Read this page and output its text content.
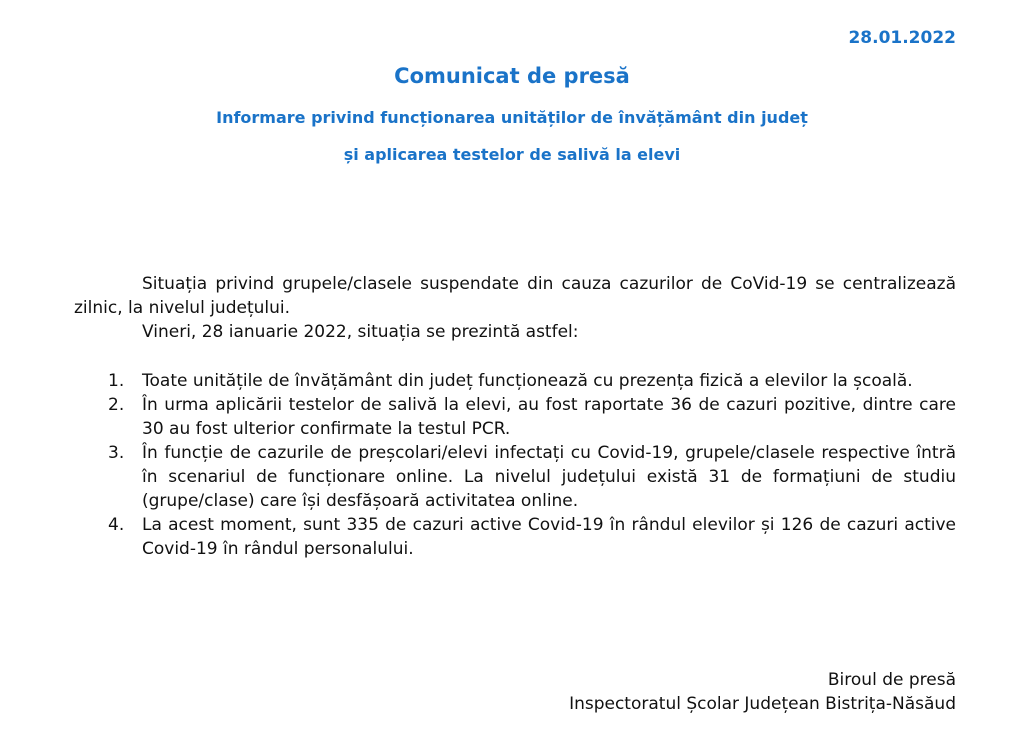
28.01.2022
Comunicat de presă
Informare privind funcționarea unităților de învățământ din județ
și aplicarea testelor de salivă la elevi
Situația privind grupele/clasele suspendate din cauza cazurilor de CoVid-19 se centralizează zilnic, la nivelul județului.
Vineri, 28 ianuarie 2022, situația se prezintă astfel:
1. Toate unitățile de învățământ din județ funcționează cu prezența fizică a elevilor la școală.
2. În urma aplicării testelor de salivă la elevi, au fost raportate 36 de cazuri pozitive, dintre care 30 au fost ulterior confirmate la testul PCR.
3. În funcție de cazurile de preșcolari/elevi infectați cu Covid-19, grupele/clasele respective întră în scenariul de funcționare online. La nivelul județului există 31 de formațiuni de studiu (grupe/clase) care își desfășoară activitatea online.
4. La acest moment, sunt 335 de cazuri active Covid-19 în rândul elevilor și 126 de cazuri active Covid-19 în rândul personalului.
Biroul de presă
Inspectoratul Școlar Județean Bistrița-Năsăud
